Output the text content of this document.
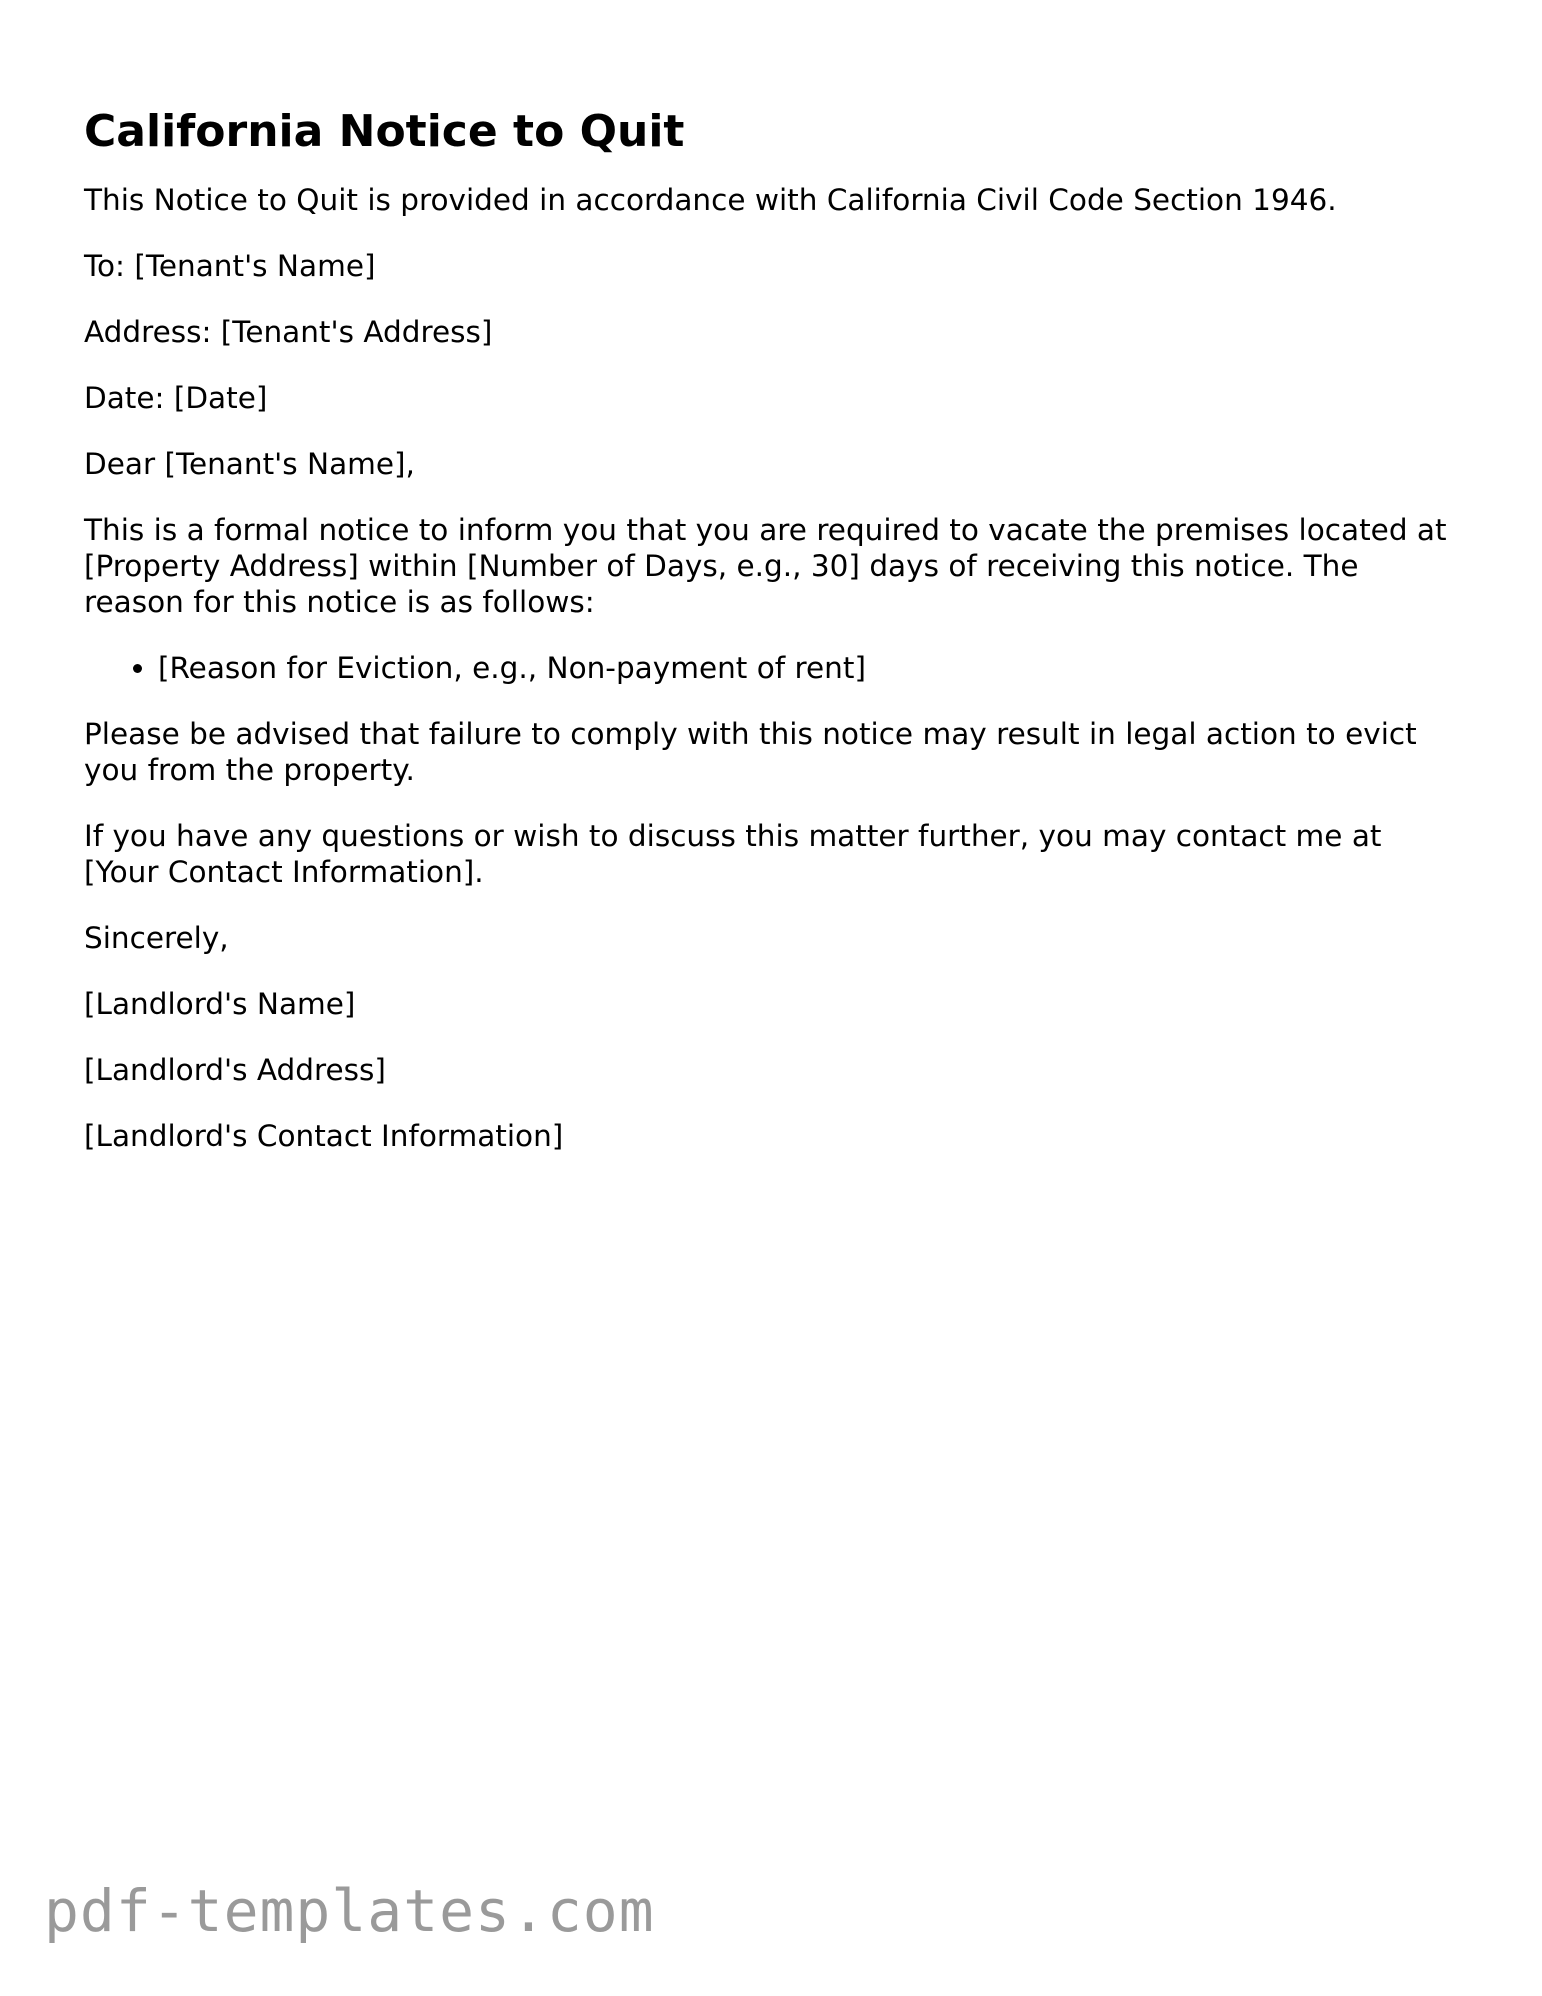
California Notice to Quit

This Notice to Quit is provided in accordance with California Civil Code Section 1946.

To: [Tenant's Name]

Address: [Tenant's Address]

Date: [Date]

Dear [Tenant's Name],

This is a formal notice to inform you that you are required to vacate the premises located at [Property Address] within [Number of Days, e.g., 30] days of receiving this notice. The reason for this notice is as follows:

• [Reason for Eviction, e.g., Non-payment of rent]

Please be advised that failure to comply with this notice may result in legal action to evict you from the property.

If you have any questions or wish to discuss this matter further, you may contact me at [Your Contact Information].

Sincerely,

[Landlord's Name]

[Landlord's Address]

[Landlord's Contact Information]

pdf-templates.com
